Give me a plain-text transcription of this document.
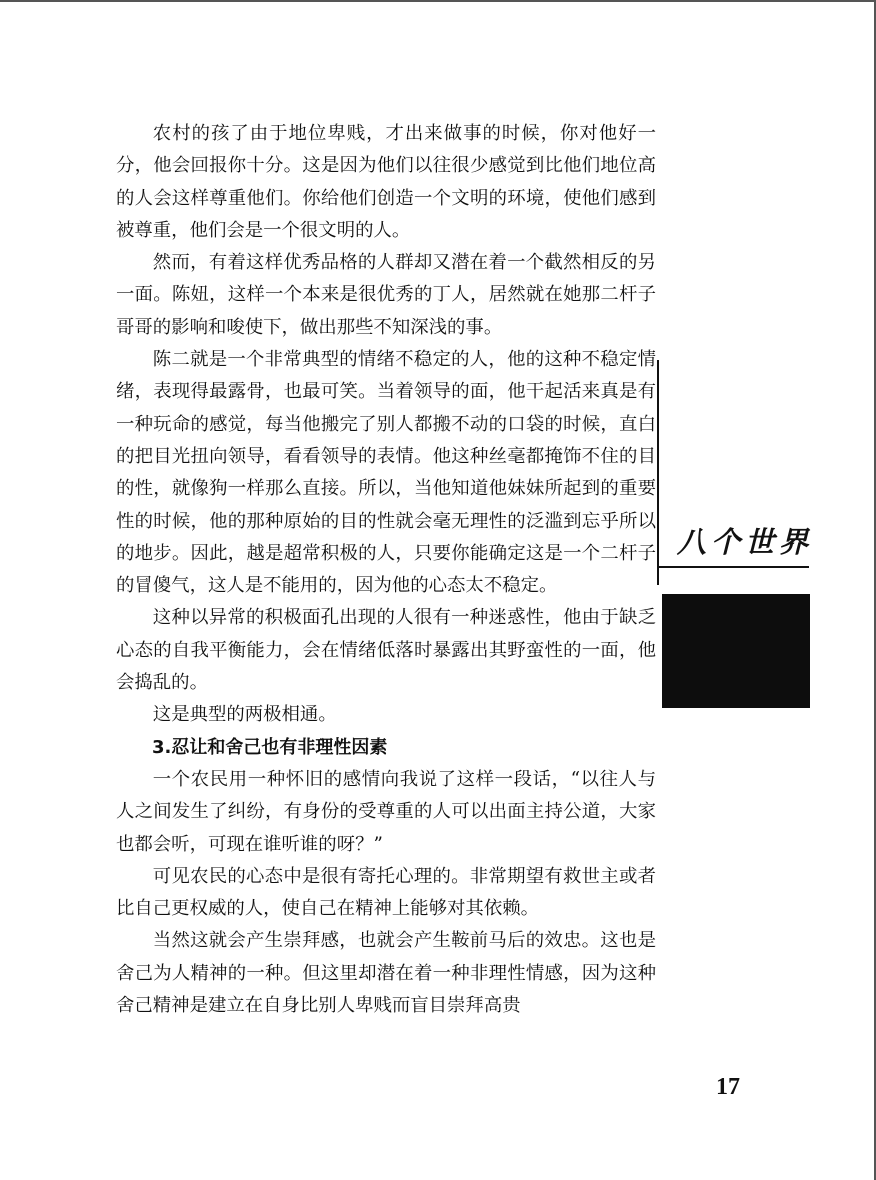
农村的孩了由于地位卑贱，才出来做事的时候，你对他好一分，他会回报你十分。这是因为他们以往很少感觉到比他们地位高的人会这样尊重他们。你给他们创造一个文明的环境，使他们感到被尊重，他们会是一个很文明的人。

然而，有着这样优秀品格的人群却又潜在着一个截然相反的另一面。陈妞，这样一个本来是很优秀的丁人，居然就在她那二杆子哥哥的影响和唆使下，做出那些不知深浅的事。

陈二就是一个非常典型的情绪不稳定的人，他的这种不稳定情绪，表现得最露骨，也最可笑。当着领导的面，他干起活来真是有一种玩命的感觉，每当他搬完了别人都搬不动的口袋的时候，直白的把目光扭向领导，看看领导的表情。他这种丝毫都掩饰不住的目的性，就像狗一样那么直接。所以，当他知道他妹妹所起到的重要性的时候，他的那种原始的目的性就会毫无理性的泛滥到忘乎所以的地步。因此，越是超常积极的人，只要你能确定这是一个二杆子的冒傻气，这人是不能用的，因为他的心态太不稳定。

这种以异常的积极面孔出现的人很有一种迷惑性，他由于缺乏心态的自我平衡能力，会在情绪低落时暴露出其野蛮性的一面，他会捣乱的。

这是典型的两极相通。

3.忍让和舍己也有非理性因素

一个农民用一种怀旧的感情向我说了这样一段话，“以往人与人之间发生了纠纷，有身份的受尊重的人可以出面主持公道，大家也都会听，可现在谁听谁的呀？”

可见农民的心态中是很有寄托心理的。非常期望有救世主或者比自己更权威的人，使自己在精神上能够对其依赖。

当然这就会产生崇拜感，也就会产生鞍前马后的效忠。这也是舍己为人精神的一种。但这里却潜在着一种非理性情感，因为这种舍己精神是建立在自身比别人卑贱而盲目崇拜高贵

八个世界
17
